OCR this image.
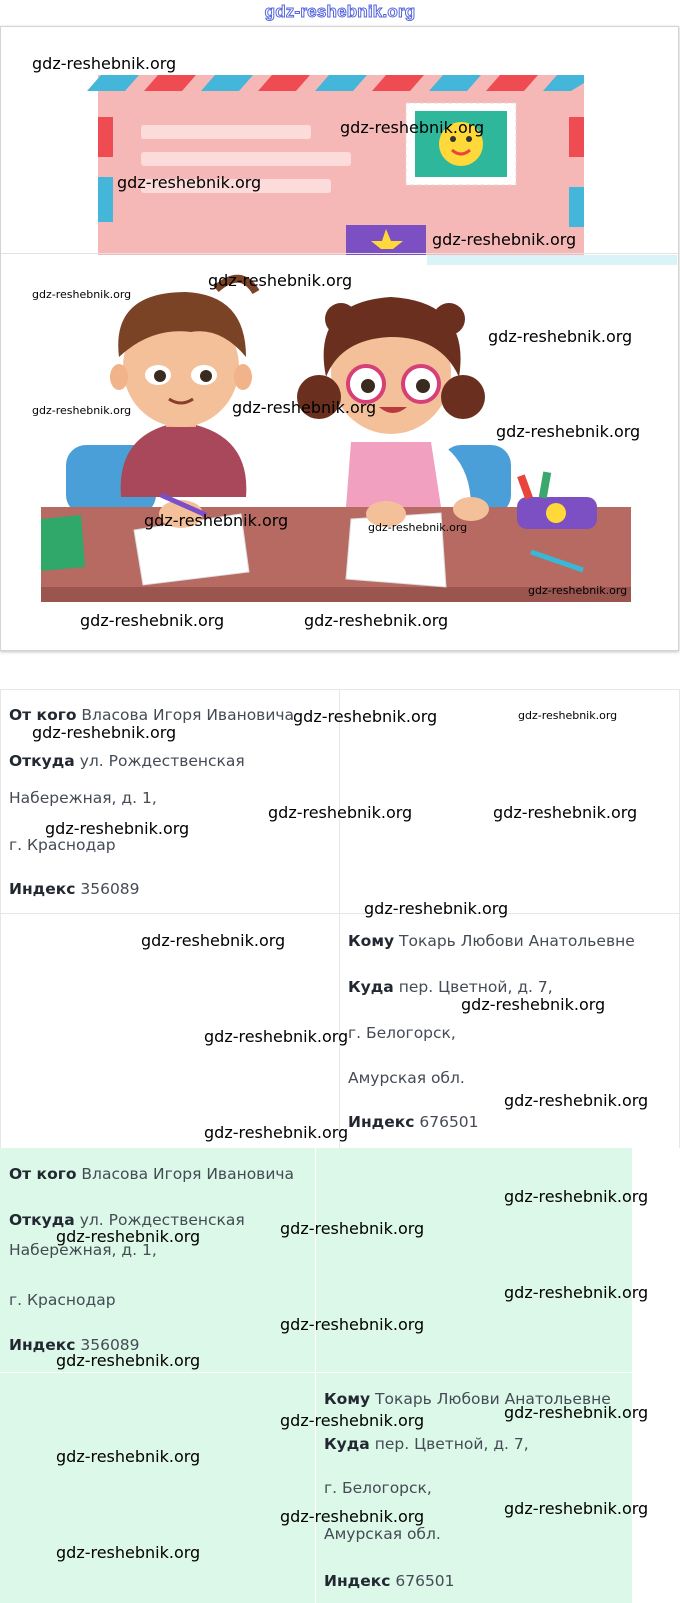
gdz-reshebnik.org
От кого Власова Игоря Ивановича
Откуда ул. Рождественская
Набережная, д. 1,
г. Краснодар
Индекс 356089
Кому Токарь Любови Анатольевне
Куда пер. Цветной, д. 7,
г. Белогорск,
Амурская обл.
Индекс 676501
От кого Власова Игоря Ивановича
Откуда ул. Рождественская
Набережная, д. 1,
г. Краснодар
Индекс 356089
Кому Токарь Любови Анатольевне
Куда пер. Цветной, д. 7,
г. Белогорск,
Амурская обл.
Индекс 676501
gdz-reshebnik.org
gdz-reshebnik.org
gdz-reshebnik.org
gdz-reshebnik.org
gdz-reshebnik.org
gdz-reshebnik.org
gdz-reshebnik.org
gdz-reshebnik.org	gdz-reshebnik.org
gdz-reshebnik.org
gdz-reshebnik.org	gdz-reshebnik.org
gdz-reshebnik.org
gdz-reshebnik.org	gdz-reshebnik.org
gdz-reshebnik.org	gdz-reshebnik.org
gdz-reshebnik.org
gdz-reshebnik.org	gdz-reshebnik.org
gdz-reshebnik.org
gdz-reshebnik.org
gdz-reshebnik.org
gdz-reshebnik.org
gdz-reshebnik.org
gdz-reshebnik.org
gdz-reshebnik.org
gdz-reshebnik.org
gdz-reshebnik.org
gdz-reshebnik.org
gdz-reshebnik.org
gdz-reshebnik.org
gdz-reshebnik.org
gdz-reshebnik.org
gdz-reshebnik.org
gdz-reshebnik.org
gdz-reshebnik.org
gdz-reshebnik.org
gdz-reshebnik.org
